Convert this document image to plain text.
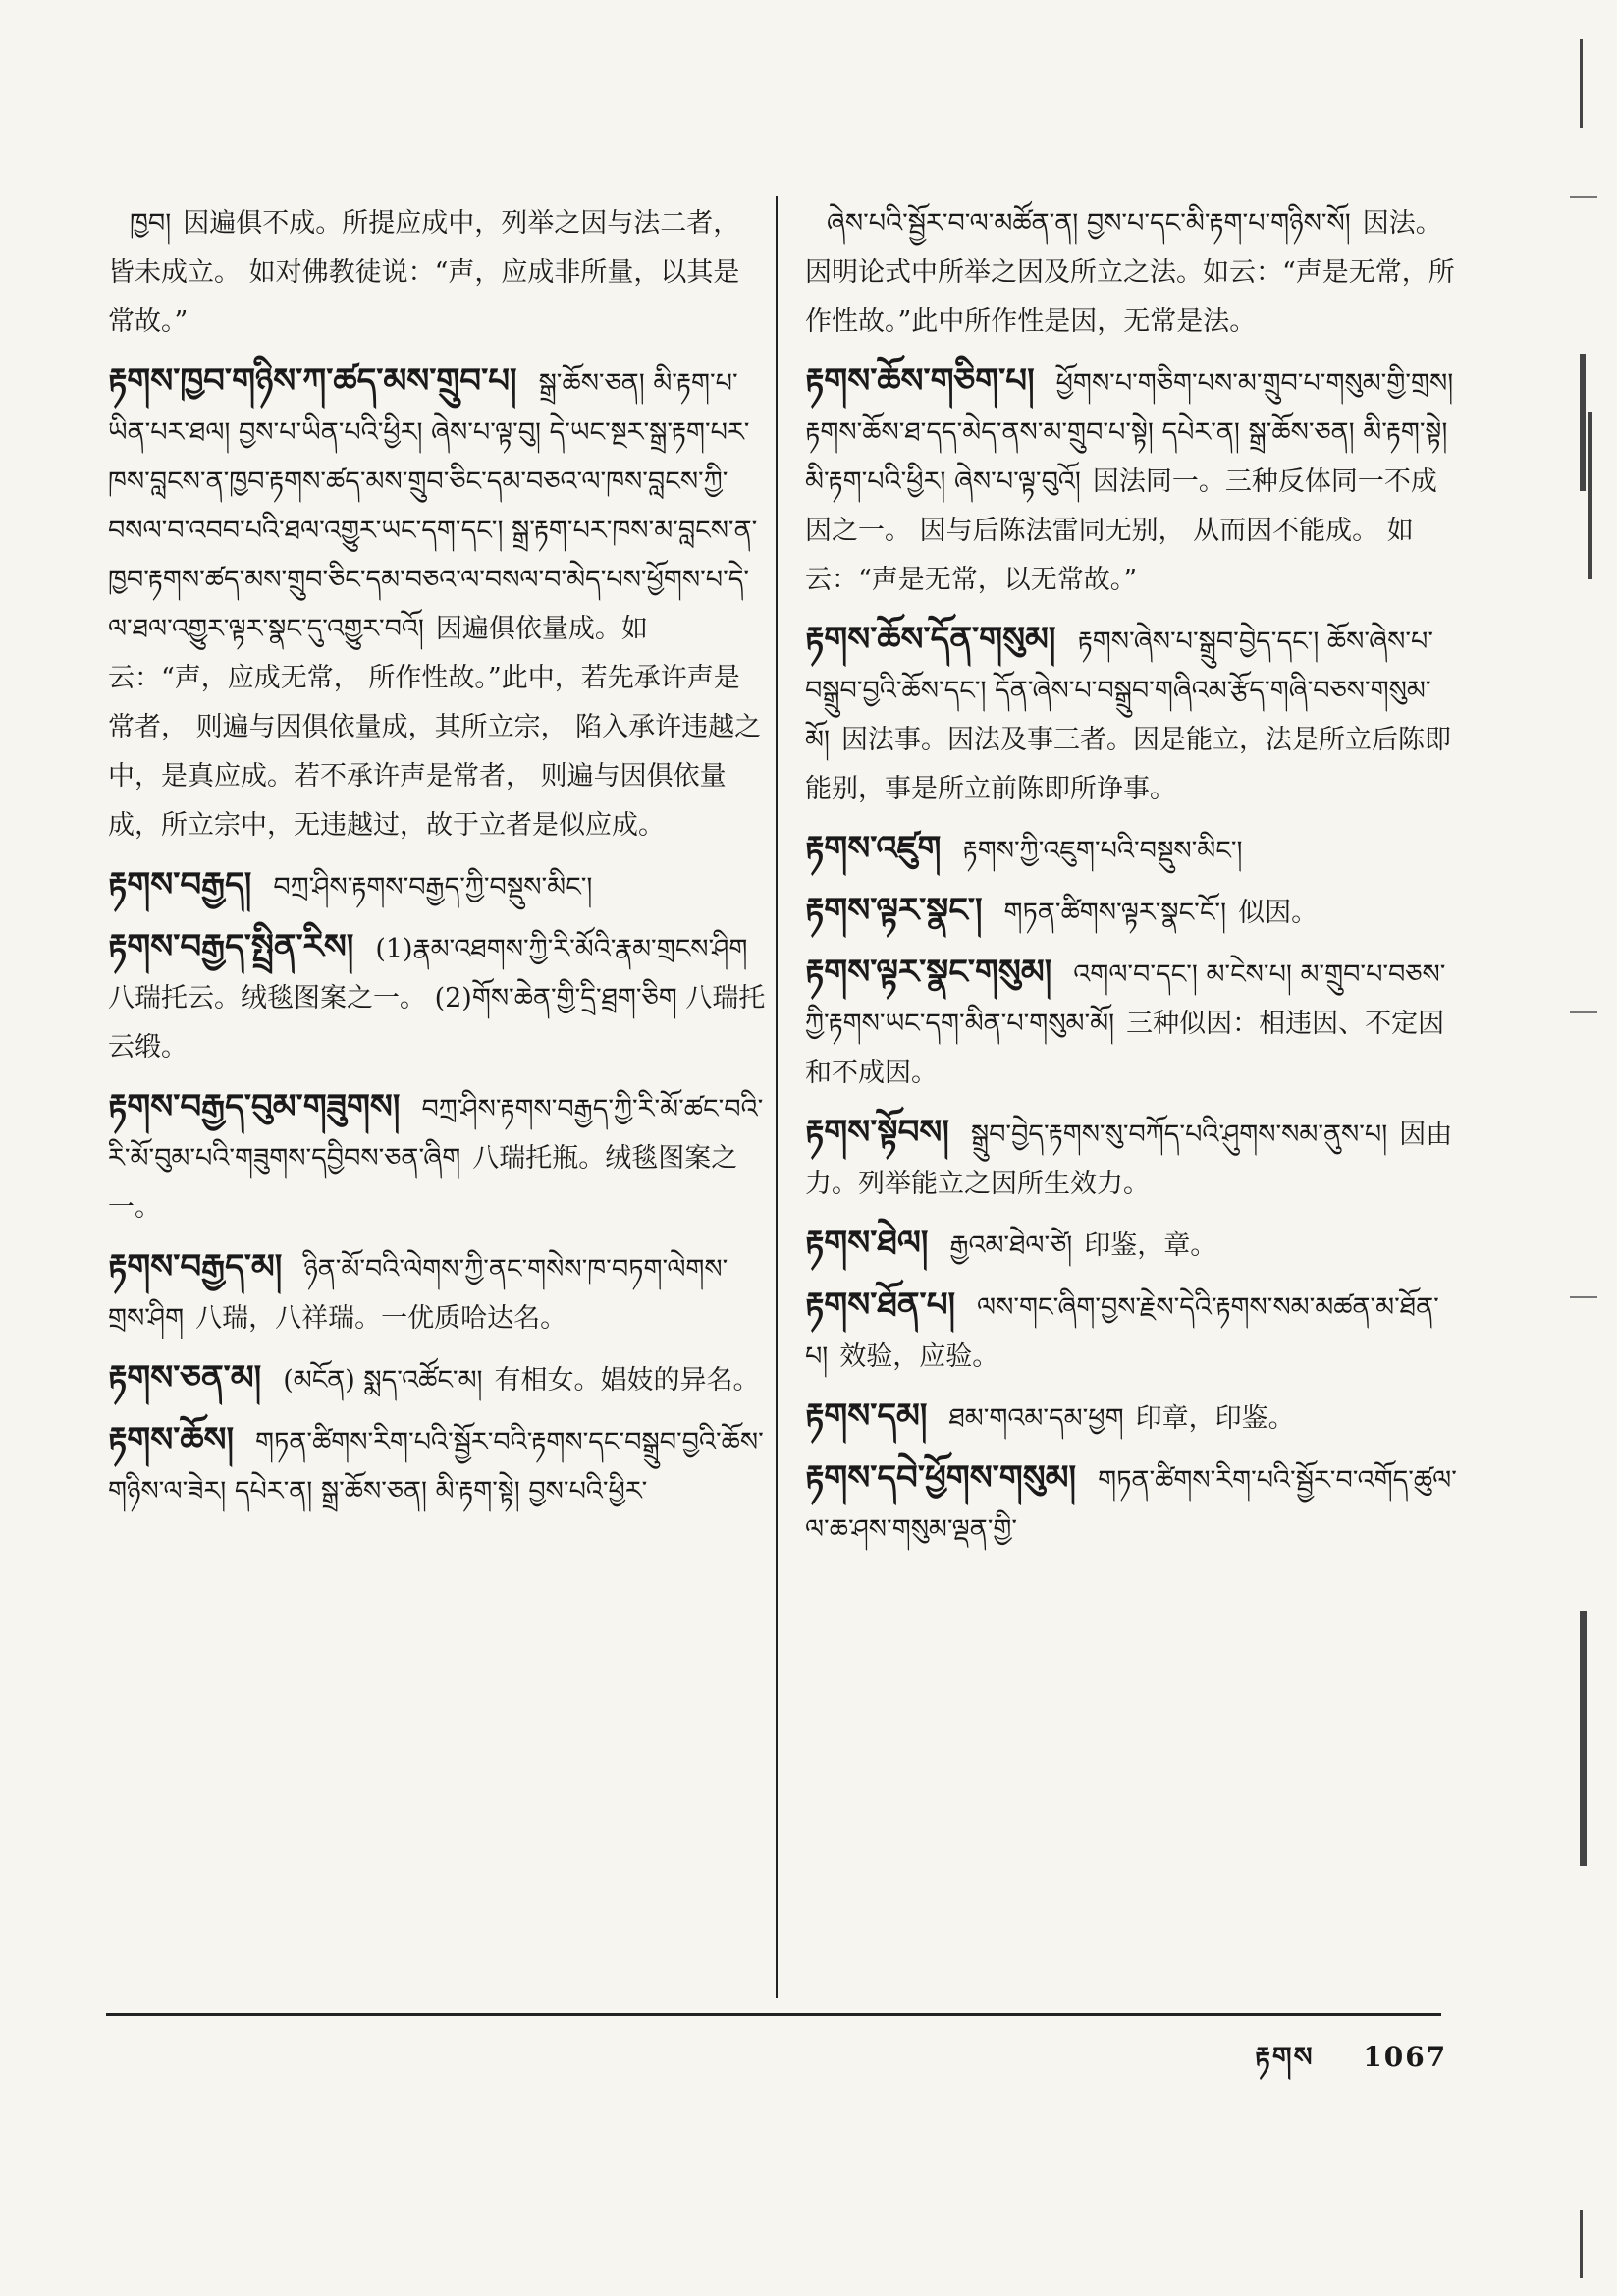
ཁྱབ། 因遍俱不成。所提应成中，列举之因与法二者，皆未成立。 如对佛教徒说：“声，应成非所量，以其是常故。”
རྟགས་ཁྱབ་གཉིས་ཀ་ཚད་མས་གྲུབ་པ། སྒྲ་ཆོས་ཅན། མི་རྟག་པ་ཡིན་པར་ཐལ། བྱས་པ་ཡིན་པའི་ཕྱིར། ཞེས་པ་ལྟ་བུ། དེ་ཡང་སྔར་སྒྲ་རྟག་པར་ཁས་བླངས་ན་ཁྱབ་རྟགས་ཚད་མས་གྲུབ་ཅིང་དམ་བཅའ་ལ་ཁས་བླངས་ཀྱི་བསལ་བ་འབབ་པའི་ཐལ་འགྱུར་ཡང་དག་དང་། སྒྲ་རྟག་པར་ཁས་མ་བླངས་ན་ཁྱབ་རྟགས་ཚད་མས་གྲུབ་ཅིང་དམ་བཅའ་ལ་བསལ་བ་མེད་པས་ཕྱོགས་པ་དེ་ལ་ཐལ་འགྱུར་ལྟར་སྣང་དུ་འགྱུར་བའོ། 因遍俱依量成。如云：“声，应成无常， 所作性故。”此中，若先承许声是常者， 则遍与因俱依量成，其所立宗， 陷入承许违越之中，是真应成。若不承许声是常者， 则遍与因俱依量成，所立宗中，无违越过，故于立者是似应成。
རྟགས་བརྒྱད། བཀྲ་ཤིས་རྟགས་བརྒྱད་ཀྱི་བསྡུས་མིང་།
རྟགས་བརྒྱད་སྤྲིན་རིས། (1)རྣམ་འཐགས་ཀྱི་རི་མོའི་རྣམ་གྲངས་ཤིག八瑞托云。绒毯图案之一。 (2)གོས་ཆེན་གྱི་དྲི་ཐྲག་ཅིག 八瑞托云缎。
རྟགས་བརྒྱད་བུམ་གཟུགས། བཀྲ་ཤིས་རྟགས་བརྒྱད་ཀྱི་རི་མོ་ཚང་བའི་རི་མོ་བུམ་པའི་གཟུགས་དབྱིབས་ཅན་ཞིག 八瑞托瓶。绒毯图案之一。
རྟགས་བརྒྱད་མ། ཉིན་མོ་བའི་ལེགས་ཀྱི་ནང་གསེས་ཁ་བཏག་ལེགས་གྲས་ཤིག 八瑞，八祥瑞。一优质哈达名。
རྟགས་ཅན་མ། (མངོན) སྨད་འཚོང་མ། 有相女。娼妓的异名。
རྟགས་ཆོས། གཏན་ཚིགས་རིག་པའི་སྦྱོར་བའི་རྟགས་དང་བསྒྲུབ་བྱའི་ཆོས་གཉིས་ལ་ཟེར། དཔེར་ན། སྒྲ་ཆོས་ཅན། མི་རྟག་སྟེ། བྱས་པའི་ཕྱིར་
ཞེས་པའི་སྦྱོར་བ་ལ་མཚོན་ན། བྱས་པ་དང་མི་རྟག་པ་གཉིས་སོ། 因法。因明论式中所举之因及所立之法。如云：“声是无常，所作性故。”此中所作性是因，无常是法。
རྟགས་ཆོས་གཅིག་པ། ཕྱོགས་པ་གཅིག་པས་མ་གྲུབ་པ་གསུམ་གྱི་གྲས། རྟགས་ཆོས་ཐ་དད་མེད་ནས་མ་གྲུབ་པ་སྟེ། དཔེར་ན། སྒྲ་ཆོས་ཅན། མི་རྟག་སྟེ། མི་རྟག་པའི་ཕྱིར། ཞེས་པ་ལྟ་བུའོ། 因法同一。三种反体同一不成因之一。 因与后陈法雷同无别， 从而因不能成。 如云：“声是无常，以无常故。”
རྟགས་ཆོས་དོན་གསུམ། རྟགས་ཞེས་པ་སྒྲུབ་བྱེད་དང་། ཆོས་ཞེས་པ་བསྒྲུབ་བྱའི་ཆོས་དང་། དོན་ཞེས་པ་བསྒྲུབ་གཞིའམ་རྩོད་གཞི་བཅས་གསུམ་མོ། 因法事。因法及事三者。因是能立，法是所立后陈即能别，事是所立前陈即所诤事。
རྟགས་འཛུག རྟགས་ཀྱི་འཇུག་པའི་བསྡུས་མིང་།
རྟགས་ལྟར་སྣང་། གཏན་ཚིགས་ལྟར་སྣང་ངོ་། 似因。
རྟགས་ལྟར་སྣང་གསུམ། འགལ་བ་དང་། མ་ངེས་པ། མ་གྲུབ་པ་བཅས་ཀྱི་རྟགས་ཡང་དག་མིན་པ་གསུམ་མོ། 三种似因：相违因、不定因和不成因。
རྟགས་སྟོབས། སྒྲུབ་བྱེད་རྟགས་སུ་བཀོད་པའི་ཤུགས་སམ་ནུས་པ། 因由力。列举能立之因所生效力。
རྟགས་ཐེལ། རྒྱའམ་ཐེལ་ཙེ། 印鉴，章。
རྟགས་ཐོན་པ། ལས་གང་ཞིག་བྱས་རྗེས་དེའི་རྟགས་སམ་མཚན་མ་ཐོན་པ། 效验，应验。
རྟགས་དམ། ཐམ་གའམ་དམ་ཕྱག 印章，印鉴。
རྟགས་དབེ་ཕྱོགས་གསུམ། གཏན་ཚིགས་རིག་པའི་སྦྱོར་བ་འགོད་ཚུལ་ལ་ཆ་ཤས་གསུམ་ལྡན་གྱི་
རྟགས 1067
